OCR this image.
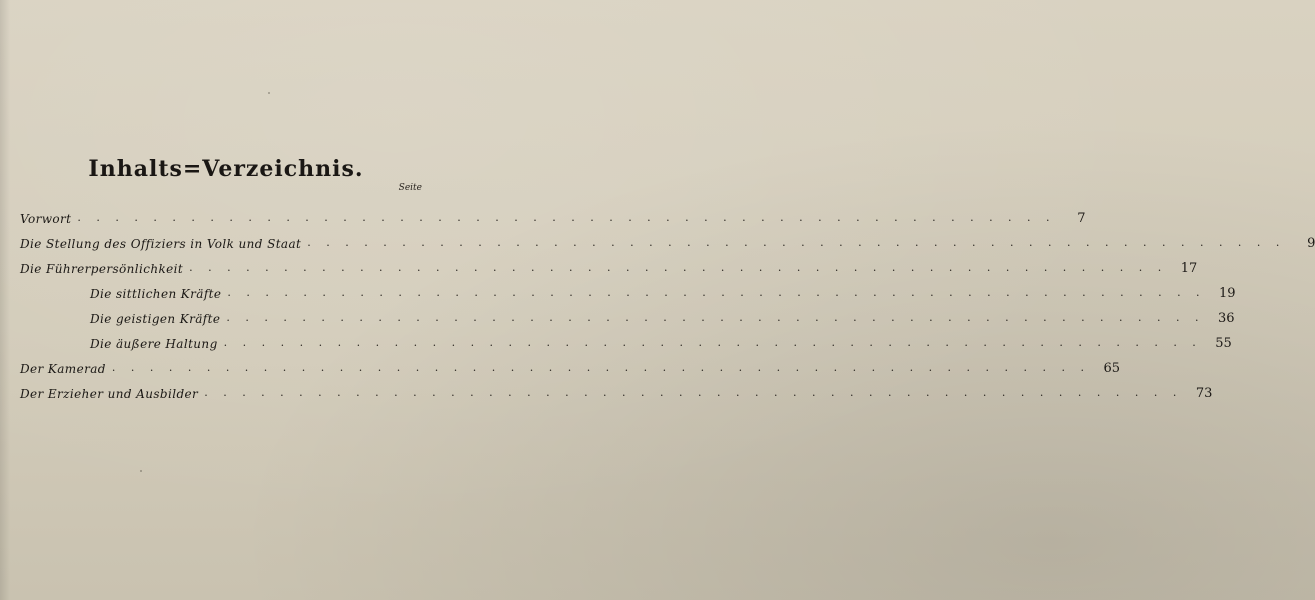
Inhalts=Verzeichnis.
Seite
Vorwort . . .	7
Die Stellung des Offiziers in Volk und Staat . . .	9
Die Führerpersönlichkeit . . .	17
Die sittlichen Kräfte . . .	19
Die geistigen Kräfte . . .	36
Die äußere Haltung . . .	55
Der Kamerad . . .	65
Der Erzieher und Ausbilder . . .	73
